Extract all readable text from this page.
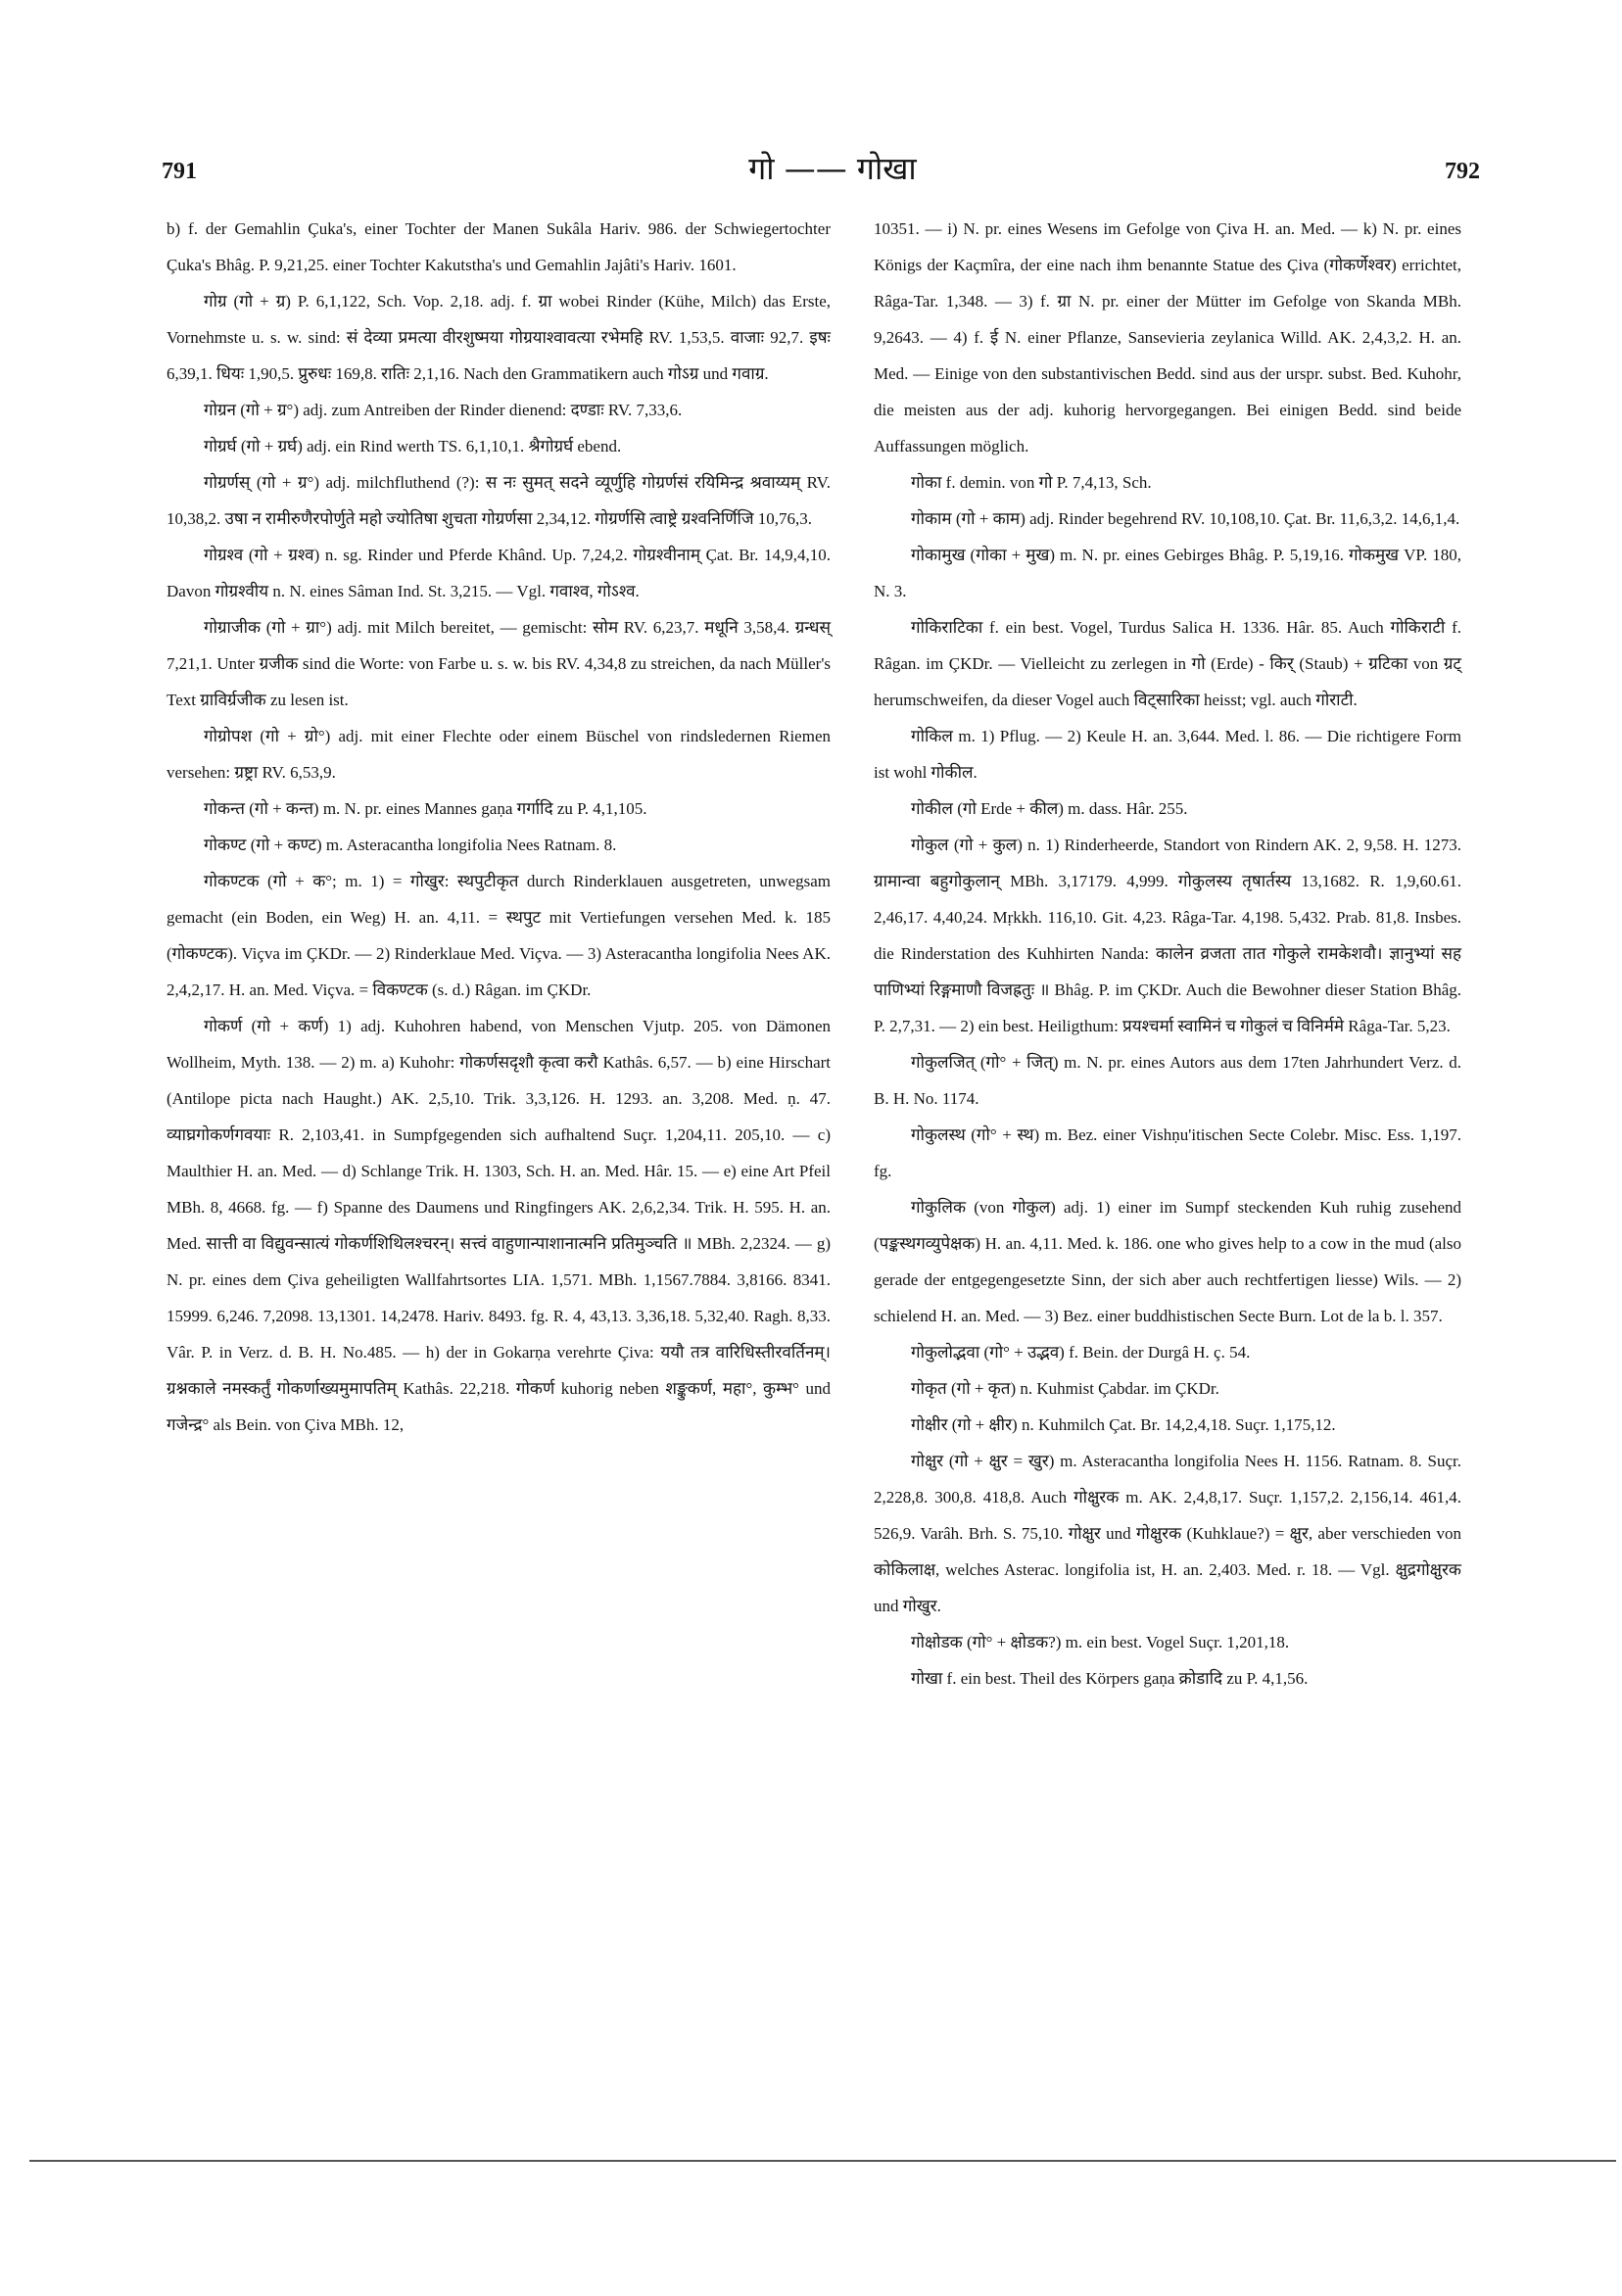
791	गो —— गोखा	792

b) f. der Gemahlin Çuka's, einer Tochter der Manen Sukâla Hariv. 986. der Schwiegertochter Çuka's Bhâg. P. 9,21,25. einer Tochter Kakutstha's und Gemahlin Jajâti's Hariv. 1601.

गोग्र (गो + ग्र) P. 6,1,122, Sch. Vop. 2,18. adj. f. ग्रा wobei Rinder (Kühe, Milch) das Erste, Vornehmste u. s. w. sind: सं देव्या प्रमत्या वीरशुष्मया गोग्रयाश्वावत्या रभेमहि RV. 1,53,5. वाजाः 92,7. इषः 6,39,1. धियः 1,90,5. प्रुरुधः 169,8. रातिः 2,1,16. Nach den Grammatikern auch गोऽग्र und गवाग्र.

गोग्रन (गो + ग्र°) adj. zum Antreiben der Rinder dienend: दण्डाः RV. 7,33,6.

गोग्रर्घ (गो + ग्रर्घ) adj. ein Rind werth TS. 6,1,10,1. श्रैगोग्रर्घ ebend.

गोग्रर्णस् (गो + ग्र°) adj. milchfluthend (?): स नः सुमत् सदने व्यूर्णुहि गोग्रर्णसं रयिमिन्द्र श्रवाय्यम् RV. 10,38,2. उषा न रामीरुणैरपोर्णुते महो ज्योतिषा शुचता गोग्रर्णसा 2,34,12. गोग्रर्णसि त्वाष्ट्रे ग्रश्वनिर्णिजि 10,76,3.

गोग्रश्व (गो + ग्रश्व) n. sg. Rinder und Pferde Khând. Up. 7,24,2. गोग्रश्वीनाम् Çat. Br. 14,9,4,10. Davon गोग्रश्वीय n. N. eines Sâman Ind. St. 3,215. — Vgl. गवाश्व, गोऽश्व.

गोग्राजीक (गो + ग्रा°) adj. mit Milch bereitet, — gemischt: सोम RV. 6,23,7. मधूनि 3,58,4. ग्रन्धस् 7,21,1. Unter ग्रजीक sind die Worte: von Farbe u. s. w. bis RV. 4,34,8 zu streichen, da nach Müller's Text ग्राविर्ग्रजीक zu lesen ist.

गोग्रोपश (गो + ग्रो°) adj. mit einer Flechte oder einem Büschel von rindsledernen Riemen versehen: ग्रष्ट्रा RV. 6,53,9.

गोकन्त (गो + कन्त) m. N. pr. eines Mannes gaṇa गर्गादि zu P. 4,1,105.

गोकण्ट (गो + कण्ट) m. Asteracantha longifolia Nees Ratnam. 8.

गोकण्टक (गो + क°; m. 1) = गोखुर: स्थपुटीकृत durch Rinderklauen ausgetreten, unwegsam gemacht (ein Boden, ein Weg) H. an. 4,11. = स्थपुट mit Vertiefungen versehen Med. k. 185 (गोकण्टक). Viçva im ÇKDr. — 2) Rinderklaue Med. Viçva. — 3) Asteracantha longifolia Nees AK. 2,4,2,17. H. an. Med. Viçva. = विकण्टक (s. d.) Râgan. im ÇKDr.

गोकर्ण (गो + कर्ण) 1) adj. Kuhohren habend, von Menschen Vjutp. 205. von Dämonen Wollheim, Myth. 138. — 2) m. a) Kuhohr: गोकर्णसदृशौ कृत्वा करौ Kathâs. 6,57. — b) eine Hirschart (Antilope picta nach Haught.) AK. 2,5,10. Trik. 3,3,126. H. 1293. an. 3,208. Med. ṇ. 47. व्याघ्रगोकर्णगवयाः R. 2,103,41. in Sumpfgegenden sich aufhaltend Suçr. 1,204,11. 205,10. — c) Maulthier H. an. Med. — d) Schlange Trik. H. 1303, Sch. H. an. Med. Hâr. 15. — e) eine Art Pfeil MBh. 8, 4668. fg. — f) Spanne des Daumens und Ringfingers AK. 2,6,2,34. Trik. H. 595. H. an. Med. सात्ती वा विद्युवन्सात्यं गोकर्णशिथिलश्चरन्। सत्त्वं वाहुणान्पाशानात्मनि प्रतिमुञ्चति ॥ MBh. 2,2324. — g) N. pr. eines dem Çiva geheiligten Wallfahrtsortes LIA. 1,571. MBh. 1,1567.7884. 3,8166. 8341. 15999. 6,246. 7,2098. 13,1301. 14,2478. Hariv. 8493. fg. R. 4, 43,13. 3,36,18. 5,32,40. Ragh. 8,33. Vâr. P. in Verz. d. B. H. No.485. — h) der in Gokarṇa verehrte Çiva: ययौ तत्र वारिधिस्तीरवर्तिनम्। ग्रश्नकाले नमस्कर्तुं गोकर्णाख्यमुमापतिम् Kathâs. 22,218. गोकर्ण kuhorig neben शङ्कुकर्ण, महा°, कुम्भ° und गजेन्द्र° als Bein. von Çiva MBh. 12,

10351. — i) N. pr. eines Wesens im Gefolge von Çiva H. an. Med. — k) N. pr. eines Königs der Kaçmîra, der eine nach ihm benannte Statue des Çiva (गोकर्णेश्वर) errichtet, Râga-Tar. 1,348. — 3) f. ग्रा N. pr. einer der Mütter im Gefolge von Skanda MBh. 9,2643. — 4) f. ई N. einer Pflanze, Sansevieria zeylanica Willd. AK. 2,4,3,2. H. an. Med. — Einige von den substantivischen Bedd. sind aus der urspr. subst. Bed. Kuhohr, die meisten aus der adj. kuhorig hervorgegangen. Bei einigen Bedd. sind beide Auffassungen möglich.

गोका f. demin. von गो P. 7,4,13, Sch.

गोकाम (गो + काम) adj. Rinder begehrend RV. 10,108,10. Çat. Br. 11,6,3,2. 14,6,1,4.

गोकामुख (गोका + मुख) m. N. pr. eines Gebirges Bhâg. P. 5,19,16. गोकमुख VP. 180, N. 3.

गोकिराटिका f. ein best. Vogel, Turdus Salica H. 1336. Hâr. 85. Auch गोकिराटी f. Râgan. im ÇKDr. — Vielleicht zu zerlegen in गो (Erde) - किर् (Staub) + ग्रटिका von ग्रट् herumschweifen, da dieser Vogel auch विट्सारिका heisst; vgl. auch गोराटी.

गोकिल m. 1) Pflug. — 2) Keule H. an. 3,644. Med. l. 86. — Die richtigere Form ist wohl गोकील.

गोकील (गो Erde + कील) m. dass. Hâr. 255.

गोकुल (गो + कुल) n. 1) Rinderheerde, Standort von Rindern AK. 2, 9,58. H. 1273. ग्रामान्वा बहुगोकुलान् MBh. 3,17179. 4,999. गोकुलस्य तृषार्तस्य 13,1682. R. 1,9,60.61. 2,46,17. 4,40,24. Mṛkkh. 116,10. Git. 4,23. Râga-Tar. 4,198. 5,432. Prab. 81,8. Insbes. die Rinderstation des Kuhhirten Nanda: कालेन व्रजता तात गोकुले रामकेशवौ। ज्ञानुभ्यां सह पाणिभ्यां रिङ्गमाणौ विजह्रतुः ॥ Bhâg. P. im ÇKDr. Auch die Bewohner dieser Station Bhâg. P. 2,7,31. — 2) ein best. Heiligthum: प्रयश्चर्मा स्वामिनं च गोकुलं च विनिर्ममे Râga-Tar. 5,23.

गोकुलजित् (गो° + जित्) m. N. pr. eines Autors aus dem 17ten Jahrhundert Verz. d. B. H. No. 1174.

गोकुलस्थ (गो° + स्थ) m. Bez. einer Vishṇu'itischen Secte Colebr. Misc. Ess. 1,197. fg.

गोकुलिक (von गोकुल) adj. 1) einer im Sumpf steckenden Kuh ruhig zusehend (पङ्कस्थगव्युपेक्षक) H. an. 4,11. Med. k. 186. one who gives help to a cow in the mud (also gerade der entgegengesetzte Sinn, der sich aber auch rechtfertigen liesse) Wils. — 2) schielend H. an. Med. — 3) Bez. einer buddhistischen Secte Burn. Lot de la b. l. 357.

गोकुलोद्भवा (गो° + उद्भव) f. Bein. der Durgâ H. ç. 54.

गोकृत (गो + कृत) n. Kuhmist Çabdar. im ÇKDr.

गोक्षीर (गो + क्षीर) n. Kuhmilch Çat. Br. 14,2,4,18. Suçr. 1,175,12.

गोक्षुर (गो + क्षुर = खुर) m. Asteracantha longifolia Nees H. 1156. Ratnam. 8. Suçr. 2,228,8. 300,8. 418,8. Auch गोक्षुरक m. AK. 2,4,8,17. Suçr. 1,157,2. 2,156,14. 461,4. 526,9. Varâh. Brh. S. 75,10. गोक्षुर und गोक्षुरक (Kuhklaue?) = क्षुर, aber verschieden von कोकिलाक्ष, welches Asterac. longifolia ist, H. an. 2,403. Med. r. 18. — Vgl. क्षुद्रगोक्षुरक und गोखुर.

गोक्षोडक (गो° + क्षोडक?) m. ein best. Vogel Suçr. 1,201,18.

गोखा f. ein best. Theil des Körpers gaṇa क्रोडादि zu P. 4,1,56.
